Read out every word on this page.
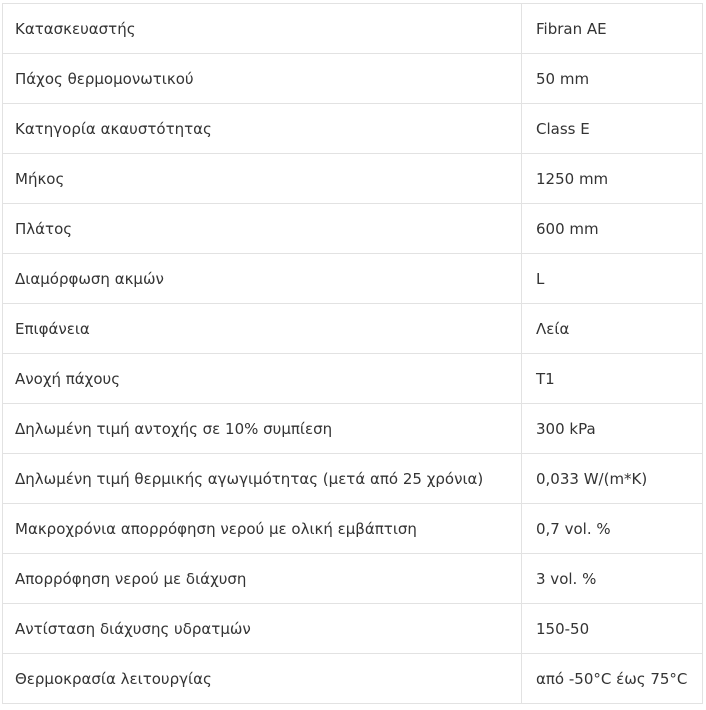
Κατασκευαστής	Fibran AE
Πάχος θερμομονωτικού	50 mm
Κατηγορία ακαυστότητας	Class E
Μήκος	1250 mm
Πλάτος	600 mm
Διαμόρφωση ακμών	L
Επιφάνεια	Λεία
Ανοχή πάχους	T1
Δηλωμένη τιμή αντοχής σε 10% συμπίεση	300 kPa
Δηλωμένη τιμή θερμικής αγωγιμότητας (μετά από 25 χρόνια)	0,033 W/(m*K)
Μακροχρόνια απορρόφηση νερού με ολική εμβάπτιση	0,7 vol. %
Απορρόφηση νερού με διάχυση	3 vol. %
Αντίσταση διάχυσης υδρατμών	150-50
Θερμοκρασία λειτουργίας	από -50°C έως 75°C
